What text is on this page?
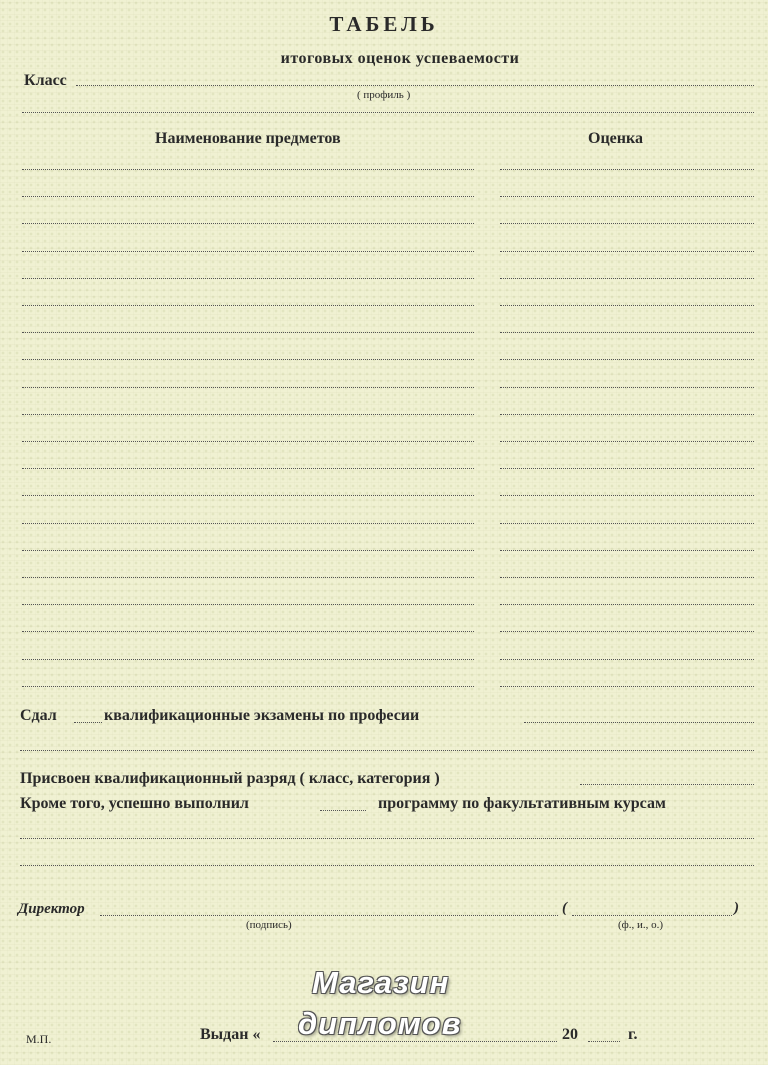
ТАБЕЛЬ
итоговых оценок успеваемости
Класс
( профиль )
Наименование предметов	Оценка
Сдал	квалификационные экзамены по професии
Присвоен квалификационный разряд ( класс, категория )
Кроме того, успешно выполнил	программу по факультативным курсам
Директор	(	)
(подпись)	(ф., и., о.)
Магазин
дипломов
М.П.	Выдан «	20	г.
